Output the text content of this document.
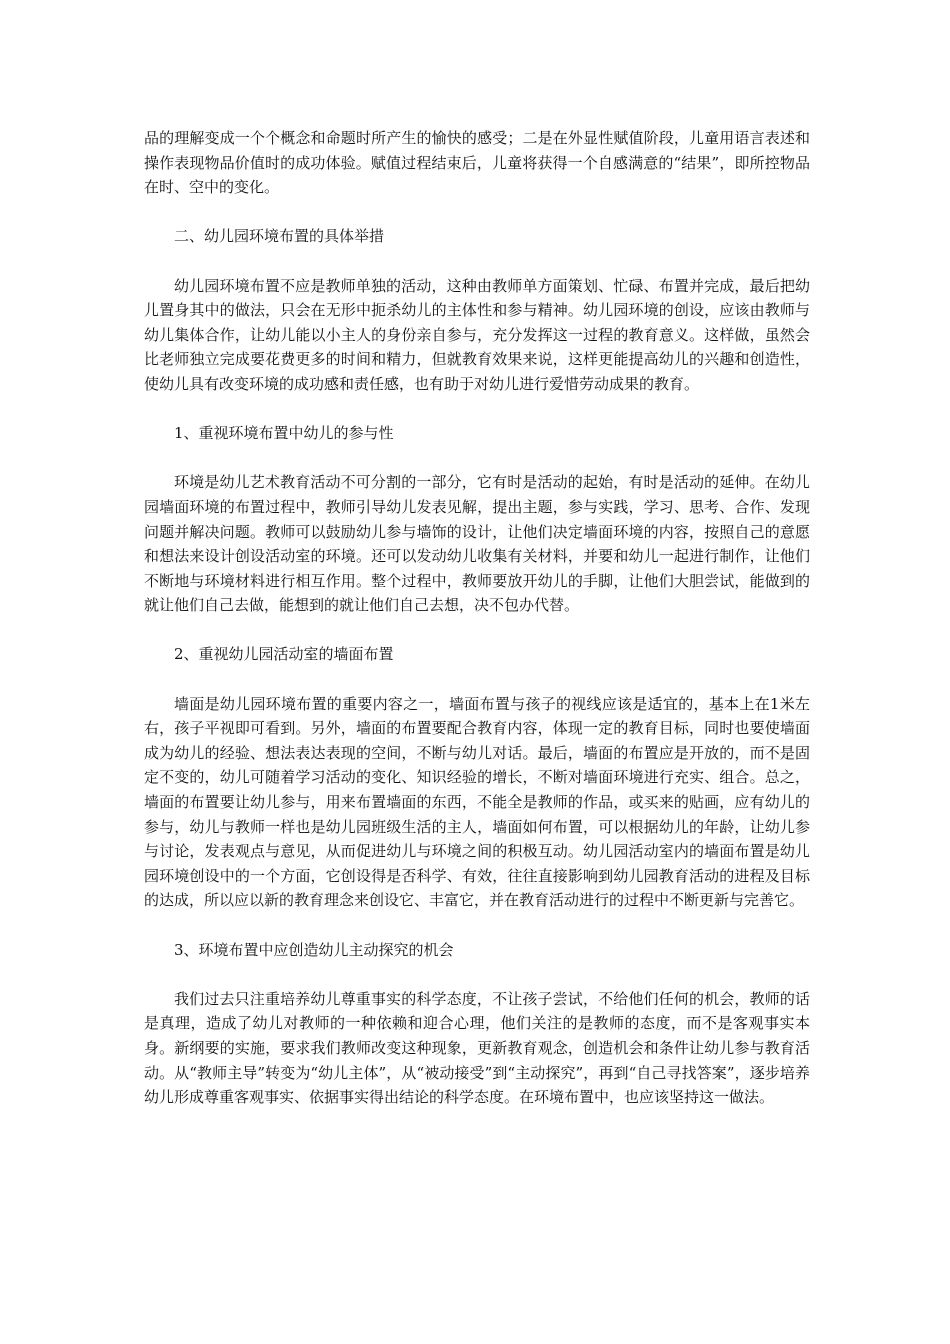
品的理解变成一个个概念和命题时所产生的愉快的感受；二是在外显性赋值阶段，儿童用语言表述和操作表现物品价值时的成功体验。赋值过程结束后，儿童将获得一个自感满意的“结果”，即所控物品在时、空中的变化。

二、幼儿园环境布置的具体举措

幼儿园环境布置不应是教师单独的活动，这种由教师单方面策划、忙碌、布置并完成，最后把幼儿置身其中的做法，只会在无形中扼杀幼儿的主体性和参与精神。幼儿园环境的创设，应该由教师与幼儿集体合作，让幼儿能以小主人的身份亲自参与，充分发挥这一过程的教育意义。这样做，虽然会比老师独立完成要花费更多的时间和精力，但就教育效果来说，这样更能提高幼儿的兴趣和创造性，使幼儿具有改变环境的成功感和责任感，也有助于对幼儿进行爱惜劳动成果的教育。

1、重视环境布置中幼儿的参与性

环境是幼儿艺术教育活动不可分割的一部分，它有时是活动的起始，有时是活动的延伸。在幼儿园墙面环境的布置过程中，教师引导幼儿发表见解，提出主题，参与实践，学习、思考、合作、发现问题并解决问题。教师可以鼓励幼儿参与墙饰的设计，让他们决定墙面环境的内容，按照自己的意愿和想法来设计创设活动室的环境。还可以发动幼儿收集有关材料，并要和幼儿一起进行制作，让他们不断地与环境材料进行相互作用。整个过程中，教师要放开幼儿的手脚，让他们大胆尝试，能做到的就让他们自己去做，能想到的就让他们自己去想，决不包办代替。

2、重视幼儿园活动室的墙面布置

墙面是幼儿园环境布置的重要内容之一，墙面布置与孩子的视线应该是适宜的，基本上在1米左右，孩子平视即可看到。另外，墙面的布置要配合教育内容，体现一定的教育目标，同时也要使墙面成为幼儿的经验、想法表达表现的空间，不断与幼儿对话。最后，墙面的布置应是开放的，而不是固定不变的，幼儿可随着学习活动的变化、知识经验的增长，不断对墙面环境进行充实、组合。总之，墙面的布置要让幼儿参与，用来布置墙面的东西，不能全是教师的作品，或买来的贴画，应有幼儿的参与，幼儿与教师一样也是幼儿园班级生活的主人，墙面如何布置，可以根据幼儿的年龄，让幼儿参与讨论，发表观点与意见，从而促进幼儿与环境之间的积极互动。幼儿园活动室内的墙面布置是幼儿园环境创设中的一个方面，它创设得是否科学、有效，往往直接影响到幼儿园教育活动的进程及目标的达成，所以应以新的教育理念来创设它、丰富它，并在教育活动进行的过程中不断更新与完善它。

3、环境布置中应创造幼儿主动探究的机会

我们过去只注重培养幼儿尊重事实的科学态度，不让孩子尝试，不给他们任何的机会，教师的话是真理，造成了幼儿对教师的一种依赖和迎合心理，他们关注的是教师的态度，而不是客观事实本身。新纲要的实施，要求我们教师改变这种现象，更新教育观念，创造机会和条件让幼儿参与教育活动。从“教师主导”转变为“幼儿主体”，从“被动接受”到“主动探究”，再到“自己寻找答案”，逐步培养幼儿形成尊重客观事实、依据事实得出结论的科学态度。在环境布置中，也应该坚持这一做法。
